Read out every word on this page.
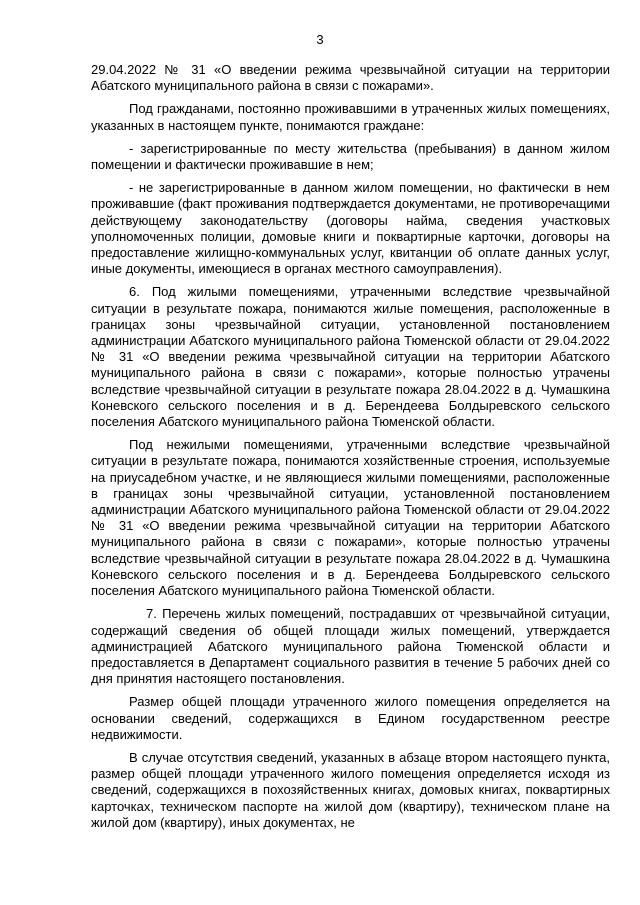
3

29.04.2022 № 31 «О введении режима чрезвычайной ситуации на территории Абатского муниципального района в связи с пожарами».

Под гражданами, постоянно проживавшими в утраченных жилых помещениях, указанных в настоящем пункте, понимаются граждане:

- зарегистрированные по месту жительства (пребывания) в данном жилом помещении и фактически проживавшие в нем;

- не зарегистрированные в данном жилом помещении, но фактически в нем проживавшие (факт проживания подтверждается документами, не противоречащими действующему законодательству (договоры найма, сведения участковых уполномоченных полиции, домовые книги и поквартирные карточки, договоры на предоставление жилищно-коммунальных услуг, квитанции об оплате данных услуг, иные документы, имеющиеся в органах местного самоуправления).

6. Под жилыми помещениями, утраченными вследствие чрезвычайной ситуации в результате пожара, понимаются жилые помещения, расположенные в границах зоны чрезвычайной ситуации, установленной постановлением администрации Абатского муниципального района Тюменской области от 29.04.2022 № 31 «О введении режима чрезвычайной ситуации на территории Абатского муниципального района в связи с пожарами», которые полностью утрачены вследствие чрезвычайной ситуации в результате пожара 28.04.2022 в д. Чумашкина Коневского сельского поселения и в д. Берендеева Болдыревского сельского поселения Абатского муниципального района Тюменской области.

Под нежилыми помещениями, утраченными вследствие чрезвычайной ситуации в результате пожара, понимаются хозяйственные строения, используемые на приусадебном участке, и не являющиеся жилыми помещениями, расположенные в границах зоны чрезвычайной ситуации, установленной постановлением администрации Абатского муниципального района Тюменской области от 29.04.2022 № 31 «О введении режима чрезвычайной ситуации на территории Абатского муниципального района в связи с пожарами», которые полностью утрачены вследствие чрезвычайной ситуации в результате пожара 28.04.2022 в д. Чумашкина Коневского сельского поселения и в д. Берендеева Болдыревского сельского поселения Абатского муниципального района Тюменской области.

7. Перечень жилых помещений, пострадавших от чрезвычайной ситуации, содержащий сведения об общей площади жилых помещений, утверждается администрацией Абатского муниципального района Тюменской области и предоставляется в Департамент социального развития в течение 5 рабочих дней со дня принятия настоящего постановления.

Размер общей площади утраченного жилого помещения определяется на основании сведений, содержащихся в Едином государственном реестре недвижимости.

В случае отсутствия сведений, указанных в абзаце втором настоящего пункта, размер общей площади утраченного жилого помещения определяется исходя из сведений, содержащихся в похозяйственных книгах, домовых книгах, поквартирных карточках, техническом паспорте на жилой дом (квартиру), техническом плане на жилой дом (квартиру), иных документах, не
